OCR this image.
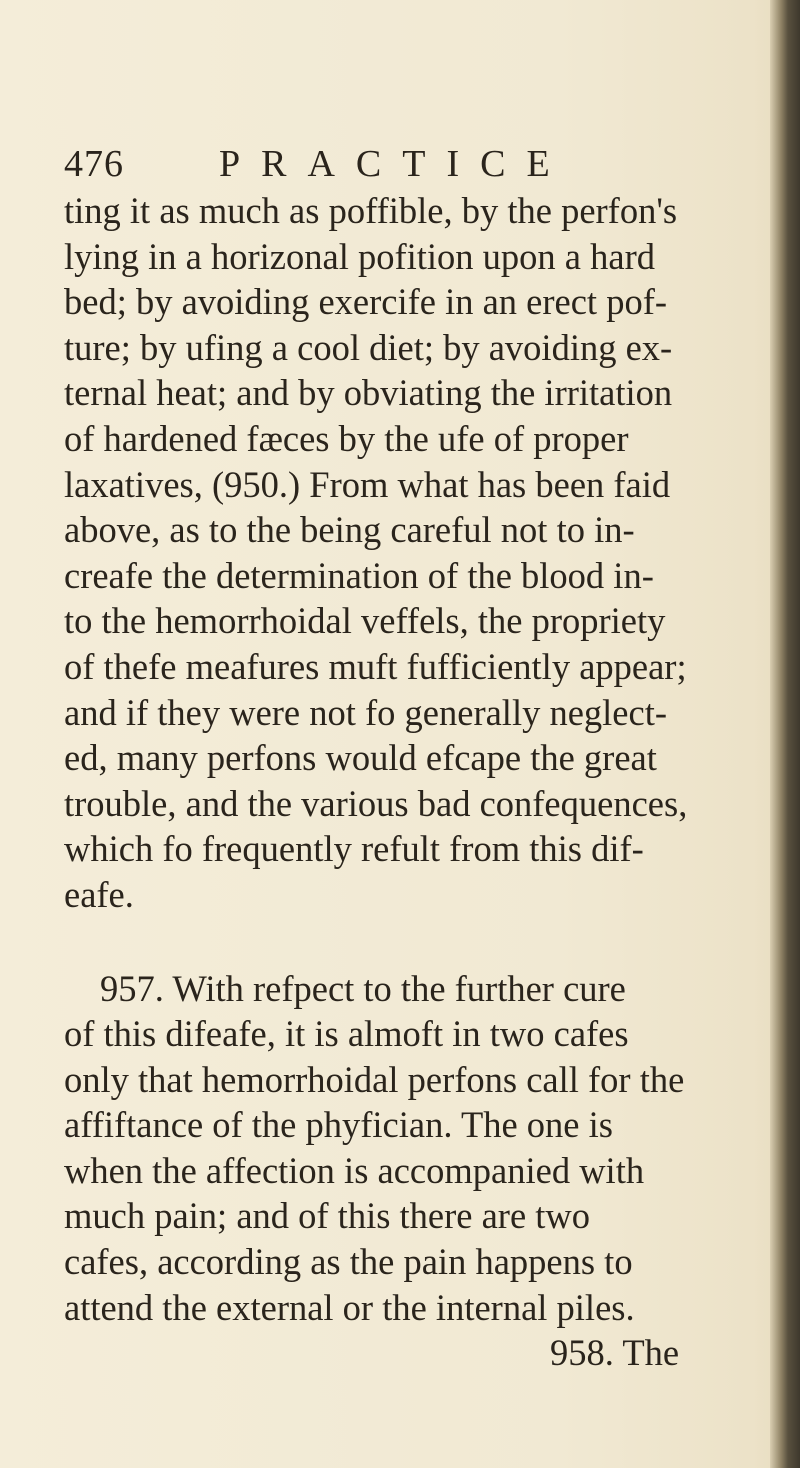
476	PRACTICE
ting it as much as poffible, by the perfon's
lying in a horizonal pofition upon a hard
bed; by avoiding exercife in an erect pof-
ture; by ufing a cool diet; by avoiding ex-
ternal heat; and by obviating the irritation
of hardened fæces by the ufe of proper
laxatives, (950.) From what has been faid
above, as to the being careful not to in-
creafe the determination of the blood in-
to the hemorrhoidal veffels, the propriety
of thefe meafures muft fufficiently appear;
and if they were not fo generally neglect-
ed, many perfons would efcape the great
trouble, and the various bad confequences,
which fo frequently refult from this dif-
eafe.
957. With refpect to the further cure
of this difeafe, it is almoft in two cafes
only that hemorrhoidal perfons call for the
affiftance of the phyfician. The one is
when the affection is accompanied with
much pain; and of this there are two
cafes, according as the pain happens to
attend the external or the internal piles.
958. The
